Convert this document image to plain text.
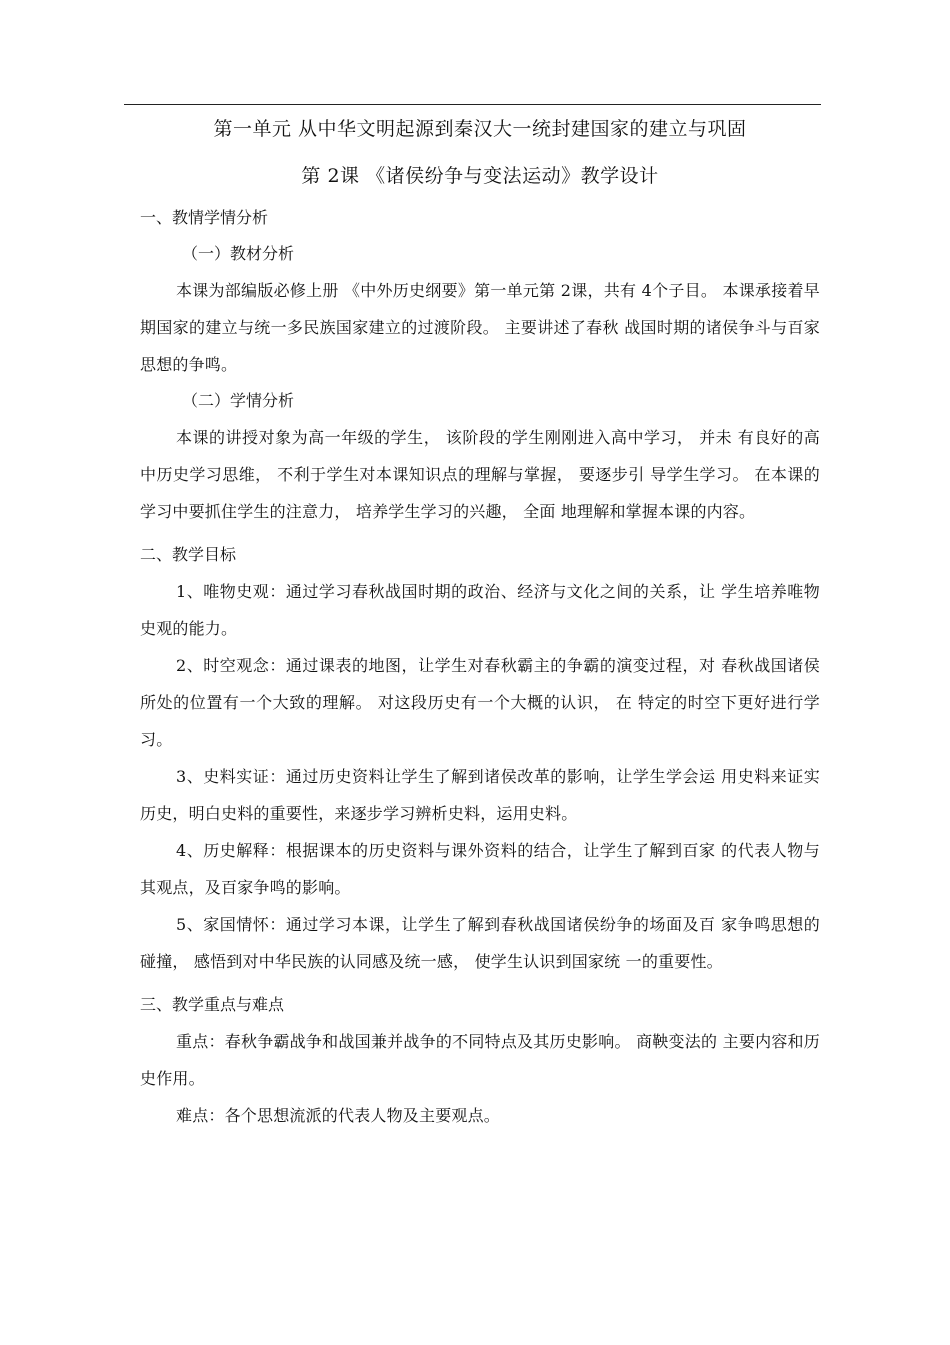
第一单元 从中华文明起源到秦汉大一统封建国家的建立与巩固

第 2课 《诸侯纷争与变法运动》教学设计

一、教情学情分析

（一）教材分析

本课为部编版必修上册 《中外历史纲要》第一单元第 2课，共有 4个子目。 本课承接着早期国家的建立与统一多民族国家建立的过渡阶段。 主要讲述了春秋 战国时期的诸侯争斗与百家思想的争鸣。

（二）学情分析

本课的讲授对象为高一年级的学生， 该阶段的学生刚刚进入高中学习， 并未 有良好的高中历史学习思维， 不利于学生对本课知识点的理解与掌握， 要逐步引 导学生学习。 在本课的学习中要抓住学生的注意力， 培养学生学习的兴趣， 全面 地理解和掌握本课的内容。

二、教学目标

1、唯物史观：通过学习春秋战国时期的政治、经济与文化之间的关系，让 学生培养唯物史观的能力。

2、时空观念：通过课表的地图，让学生对春秋霸主的争霸的演变过程，对 春秋战国诸侯所处的位置有一个大致的理解。 对这段历史有一个大概的认识， 在 特定的时空下更好进行学习。

3、史料实证：通过历史资料让学生了解到诸侯改革的影响，让学生学会运 用史料来证实历史，明白史料的重要性，来逐步学习辨析史料，运用史料。

4、历史解释：根据课本的历史资料与课外资料的结合，让学生了解到百家 的代表人物与其观点，及百家争鸣的影响。

5、家国情怀：通过学习本课，让学生了解到春秋战国诸侯纷争的场面及百 家争鸣思想的碰撞， 感悟到对中华民族的认同感及统一感， 使学生认识到国家统 一的重要性。

三、教学重点与难点

重点：春秋争霸战争和战国兼并战争的不同特点及其历史影响。 商鞅变法的 主要内容和历史作用。

难点：各个思想流派的代表人物及主要观点。
